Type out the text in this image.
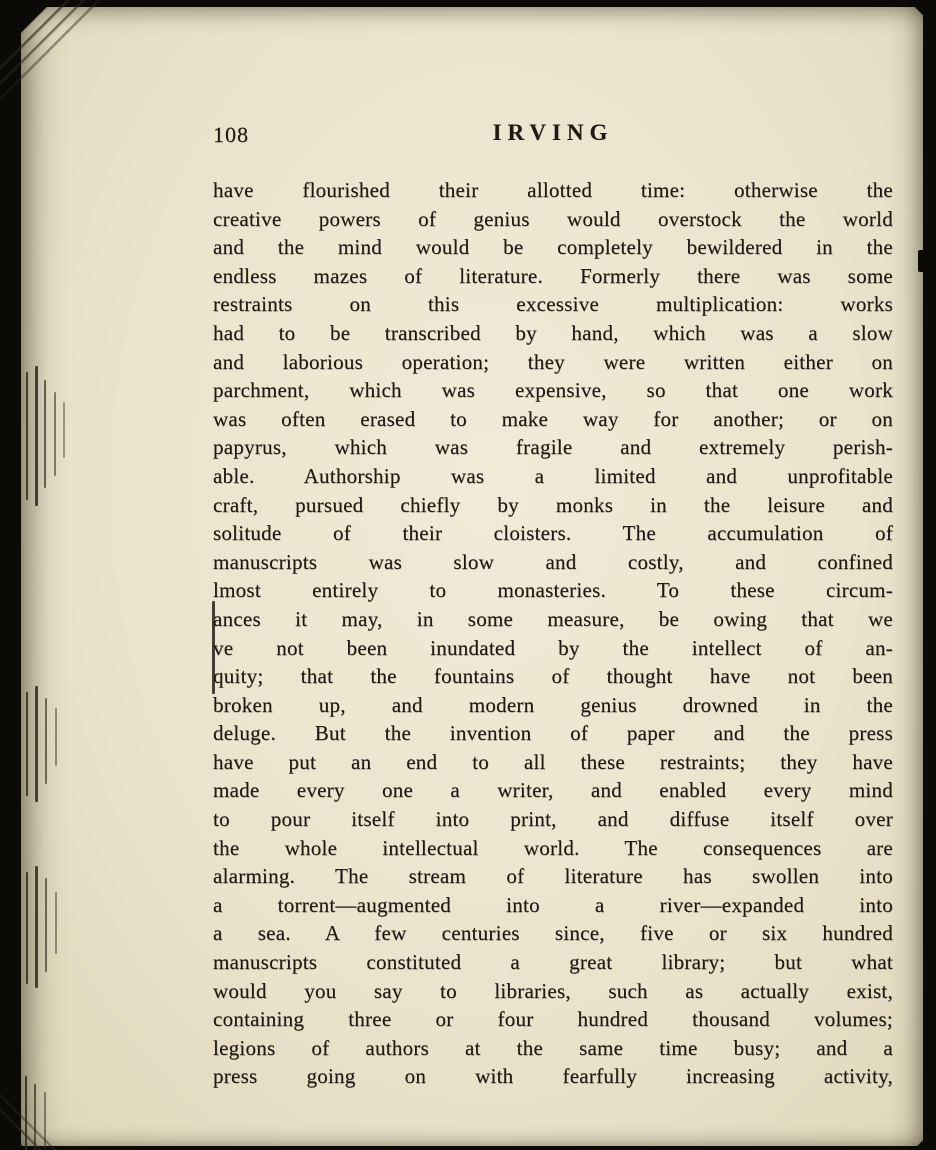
108	IRVING
have flourished their allotted time: otherwise the
creative powers of genius would overstock the world
and the mind would be completely bewildered in the
endless mazes of literature. Formerly there was some
restraints on this excessive multiplication: works
had to be transcribed by hand, which was a slow
and laborious operation; they were written either on
parchment, which was expensive, so that one work
was often erased to make way for another; or on
papyrus, which was fragile and extremely perish-
able. Authorship was a limited and unprofitable
craft, pursued chiefly by monks in the leisure and
solitude of their cloisters. The accumulation of
manuscripts was slow and costly, and confined
lmost entirely to monasteries. To these circum-
ances it may, in some measure, be owing that we
ve not been inundated by the intellect of an-
quity; that the fountains of thought have not been
broken up, and modern genius drowned in the
deluge. But the invention of paper and the press
have put an end to all these restraints; they have
made every one a writer, and enabled every mind
to pour itself into print, and diffuse itself over
the whole intellectual world. The consequences are
alarming. The stream of literature has swollen into
a torrent—augmented into a river—expanded into
a sea. A few centuries since, five or six hundred
manuscripts constituted a great library; but what
would you say to libraries, such as actually exist,
containing three or four hundred thousand volumes;
legions of authors at the same time busy; and a
press going on with fearfully increasing activity,
